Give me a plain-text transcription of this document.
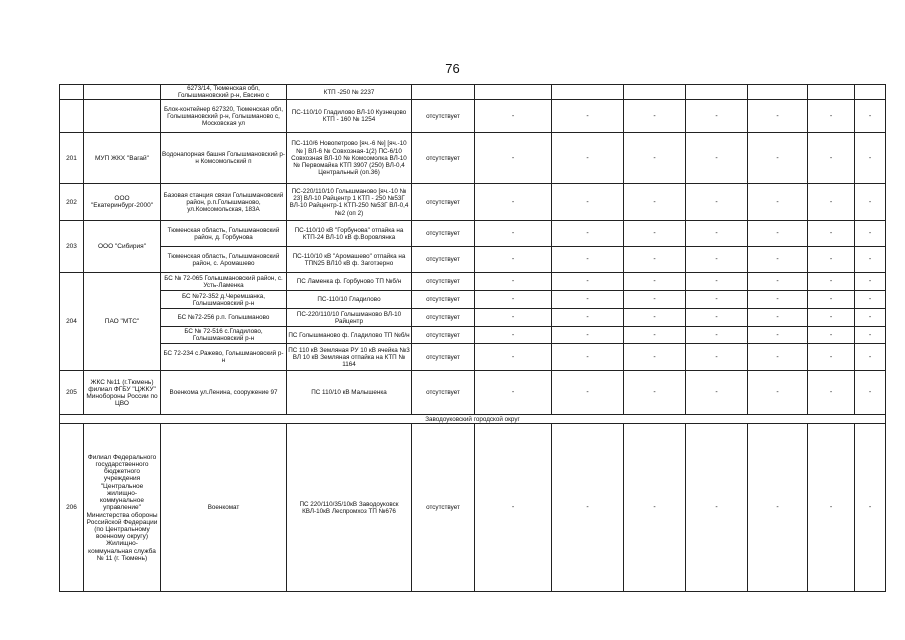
76
		6273/14, Тюменская обл, Голышмановский р-н, Евсино с	КТП -250 № 2237								
		Блок-контейнер 627320, Тюменская обл, Голышмановский р-н, Голышманово с, Московская ул	ПС-110/10 Гладилово ВЛ-10 Кузнецово КТП - 160 № 1254	отсутствует	-	-	-	-	-	-	-
201	МУП ЖКХ "Вагай"	Водонапорная башня Голышмановский р-н Комсомольский п	ПС-110/6 Новопетрово [яч.-6 №] [яч.-10 № ] ВЛ-6 № Совхозная-1(2) ПС-6/10 Совхозная ВЛ-10 № Комсомолка ВЛ-10 № Первомайка КТП 3907 (250) ВЛ-0,4 Центральный (оп.36)	отсутствует	-	-	-	-	-	-	-
202	ООО "Екатеринбург-2000"	Базовая станция связи Голышмановский район, р.п.Голышманово, ул.Комсомольская, 183А	ПС-220/110/10 Голышманово [яч.-10 № 23] ВЛ-10 Райцентр 1 КТП - 250 №53Г ВЛ-10 Райцентр-1 КТП-250 №53Г ВЛ-0,4 №2 (оп 2)	отсутствует	-	-	-	-	-	-	-
203	ООО "Сибирия"	Тюменская область, Голышмановский район, д. Горбунова	ПС-110/10 кВ "Горбунова" отпайка на КТП-24 ВЛ-10 кВ ф.Воровлянка	отсутствует	-	-	-	-	-	-	-
		Тюменская область, Голышмановский район, с. Аромашево	ПС-110/10 кВ "Аромашево" отпайка на ТПN25 ВЛ10 кВ ф. Заготзерно	отсутствует	-	-	-	-	-	-	-
204	ПАО "МТС"	БС № 72-065 Голышмановский район, с. Усть-Ламенка	ПС Ламенка ф. Горбуново ТП №б/н	отсутствует	-	-	-	-	-	-	-
		БС №72-352 д.Черемшанка, Голышмановский р-н	ПС-110/10 Гладилово	отсутствует	-	-	-	-	-	-	-
		БС №72-256 р.п. Голышманово	ПС-220/110/10 Голышманово ВЛ-10 Райцентр	отсутствует	-	-	-	-	-	-	-
		БС № 72-516 с.Гладилово, Голышмановский р-н	ПС Голышманово ф. Гладилово ТП №б/н	отсутствует	-	-	-	-	-	-	-
		БС 72-234 с.Ражево, Голышмановский р-н	ПС 110 кВ Земляная РУ 10 кВ ячейка №3 ВЛ 10 кВ Земляная отпайка на КТП № 1164	отсутствует	-	-	-	-	-	-	-
205	ЖКС №11 (г.Тюмень) филиал ФГБУ "ЦЖКУ" Минобороны России по ЦВО	Военкома ул.Ленина, сооружение 97	ПС 110/10 кВ Малышенка	отсутствует	-	-	-	-	-	-	-
Заводоуковский городской округ											
206	Филиал Федерального государственного бюджетного учреждения "Центральное жилищно-коммунальное управление" Министерства обороны Российской Федерации (по Центральному военному округу) Жилищно-коммунальная служба № 11 (г. Тюмень)	Военкомат	ПС 220/110/35/10кВ Заводоуковск КВЛ-10кВ Леспромхоз ТП №676	отсутствует	-	-	-	-	-	-	-
